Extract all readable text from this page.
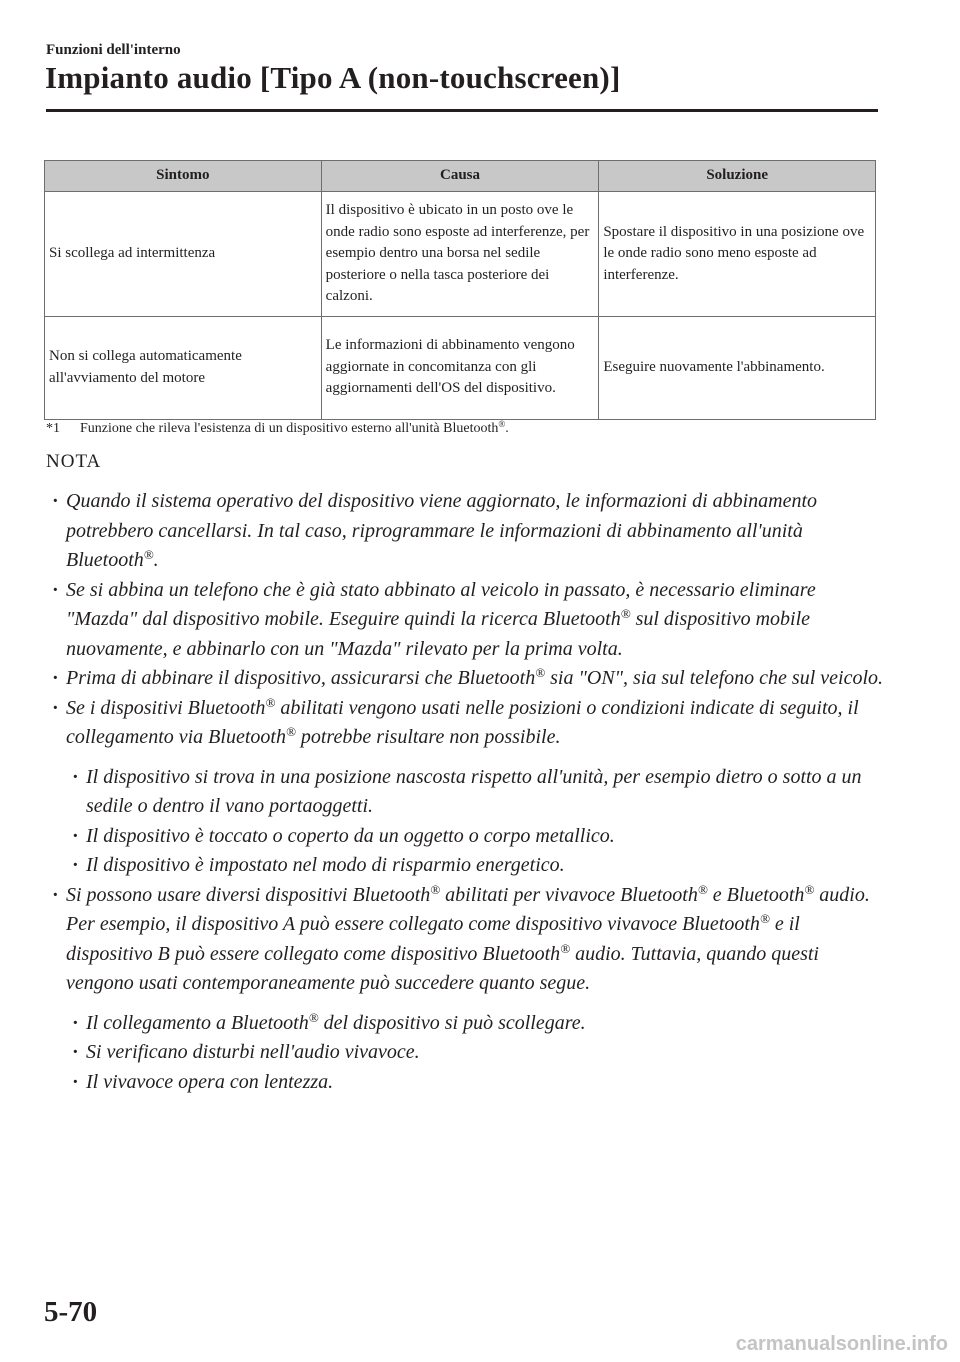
Funzioni dell'interno
Impianto audio [Tipo A (non-touchscreen)]
Sintomo	Causa	Soluzione
Si scollega ad intermittenza	Il dispositivo è ubicato in un posto ove le onde radio sono esposte ad interferenze, per esempio dentro una borsa nel sedile posteriore o nella tasca posteriore dei calzoni.	Spostare il dispositivo in una posizione ove le onde radio sono meno esposte ad interferenze.
Non si collega automaticamente all'avviamento del motore	Le informazioni di abbinamento vengono aggiornate in concomitanza con gli aggiornamenti dell'OS del dispositivo.	Eseguire nuovamente l'abbinamento.
*1 Funzione che rileva l'esistenza di un dispositivo esterno all'unità Bluetooth®.
NOTA
· Quando il sistema operativo del dispositivo viene aggiornato, le informazioni di abbinamento potrebbero cancellarsi. In tal caso, riprogrammare le informazioni di abbinamento all'unità Bluetooth®.
· Se si abbina un telefono che è già stato abbinato al veicolo in passato, è necessario eliminare "Mazda" dal dispositivo mobile. Eseguire quindi la ricerca Bluetooth® sul dispositivo mobile nuovamente, e abbinarlo con un "Mazda" rilevato per la prima volta.
· Prima di abbinare il dispositivo, assicurarsi che Bluetooth® sia "ON", sia sul telefono che sul veicolo.
· Se i dispositivi Bluetooth® abilitati vengono usati nelle posizioni o condizioni indicate di seguito, il collegamento via Bluetooth® potrebbe risultare non possibile.
· Il dispositivo si trova in una posizione nascosta rispetto all'unità, per esempio dietro o sotto a un sedile o dentro il vano portaoggetti.
· Il dispositivo è toccato o coperto da un oggetto o corpo metallico.
· Il dispositivo è impostato nel modo di risparmio energetico.
· Si possono usare diversi dispositivi Bluetooth® abilitati per vivavoce Bluetooth® e Bluetooth® audio. Per esempio, il dispositivo A può essere collegato come dispositivo vivavoce Bluetooth® e il dispositivo B può essere collegato come dispositivo Bluetooth® audio. Tuttavia, quando questi vengono usati contemporaneamente può succedere quanto segue.
· Il collegamento a Bluetooth® del dispositivo si può scollegare.
· Si verificano disturbi nell'audio vivavoce.
· Il vivavoce opera con lentezza.
5-70
carmanualsonline.info
